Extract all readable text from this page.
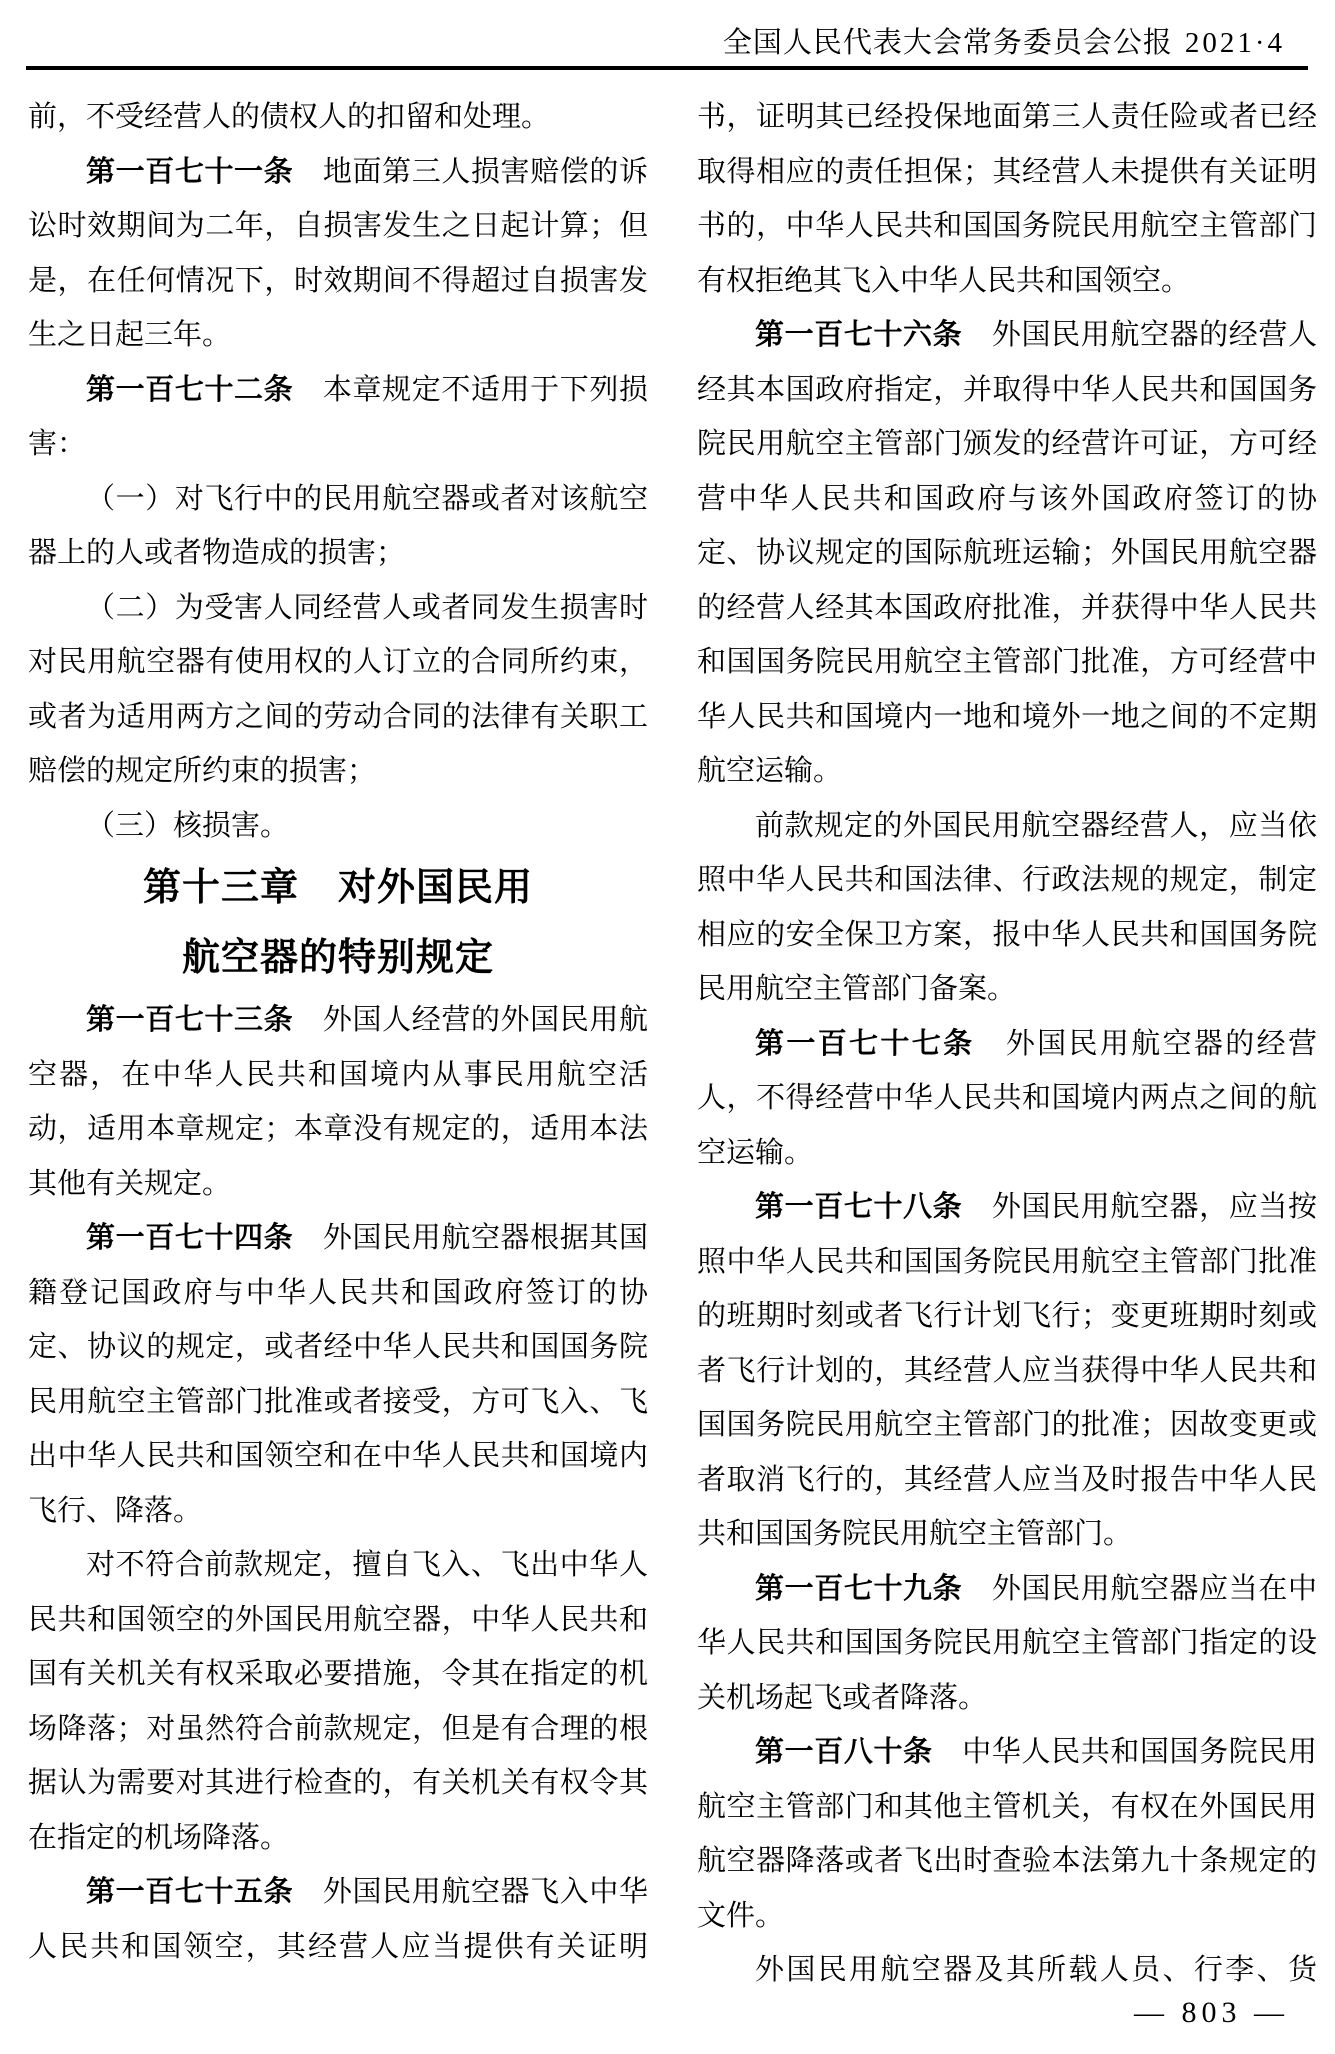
全国人民代表大会常务委员会公报 2021·4
前，不受经营人的债权人的扣留和处理。
第一百七十一条　地面第三人损害赔偿的诉
讼时效期间为二年，自损害发生之日起计算；但
是，在任何情况下，时效期间不得超过自损害发
生之日起三年。
第一百七十二条　本章规定不适用于下列损
害：
（一）对飞行中的民用航空器或者对该航空
器上的人或者物造成的损害；
（二）为受害人同经营人或者同发生损害时
对民用航空器有使用权的人订立的合同所约束，
或者为适用两方之间的劳动合同的法律有关职工
赔偿的规定所约束的损害；
（三）核损害。
第十三章　对外国民用
航空器的特别规定
第一百七十三条　外国人经营的外国民用航
空器，在中华人民共和国境内从事民用航空活
动，适用本章规定；本章没有规定的，适用本法
其他有关规定。
第一百七十四条　外国民用航空器根据其国
籍登记国政府与中华人民共和国政府签订的协
定、协议的规定，或者经中华人民共和国国务院
民用航空主管部门批准或者接受，方可飞入、飞
出中华人民共和国领空和在中华人民共和国境内
飞行、降落。
对不符合前款规定，擅自飞入、飞出中华人
民共和国领空的外国民用航空器，中华人民共和
国有关机关有权采取必要措施，令其在指定的机
场降落；对虽然符合前款规定，但是有合理的根
据认为需要对其进行检查的，有关机关有权令其
在指定的机场降落。
第一百七十五条　外国民用航空器飞入中华
人民共和国领空，其经营人应当提供有关证明
书，证明其已经投保地面第三人责任险或者已经
取得相应的责任担保；其经营人未提供有关证明
书的，中华人民共和国国务院民用航空主管部门
有权拒绝其飞入中华人民共和国领空。
第一百七十六条　外国民用航空器的经营人
经其本国政府指定，并取得中华人民共和国国务
院民用航空主管部门颁发的经营许可证，方可经
营中华人民共和国政府与该外国政府签订的协
定、协议规定的国际航班运输；外国民用航空器
的经营人经其本国政府批准，并获得中华人民共
和国国务院民用航空主管部门批准，方可经营中
华人民共和国境内一地和境外一地之间的不定期
航空运输。
前款规定的外国民用航空器经营人，应当依
照中华人民共和国法律、行政法规的规定，制定
相应的安全保卫方案，报中华人民共和国国务院
民用航空主管部门备案。
第一百七十七条　外国民用航空器的经营
人，不得经营中华人民共和国境内两点之间的航
空运输。
第一百七十八条　外国民用航空器，应当按
照中华人民共和国国务院民用航空主管部门批准
的班期时刻或者飞行计划飞行；变更班期时刻或
者飞行计划的，其经营人应当获得中华人民共和
国国务院民用航空主管部门的批准；因故变更或
者取消飞行的，其经营人应当及时报告中华人民
共和国国务院民用航空主管部门。
第一百七十九条　外国民用航空器应当在中
华人民共和国国务院民用航空主管部门指定的设
关机场起飞或者降落。
第一百八十条　中华人民共和国国务院民用
航空主管部门和其他主管机关，有权在外国民用
航空器降落或者飞出时查验本法第九十条规定的
文件。
外国民用航空器及其所载人员、行李、货
— 803 —
